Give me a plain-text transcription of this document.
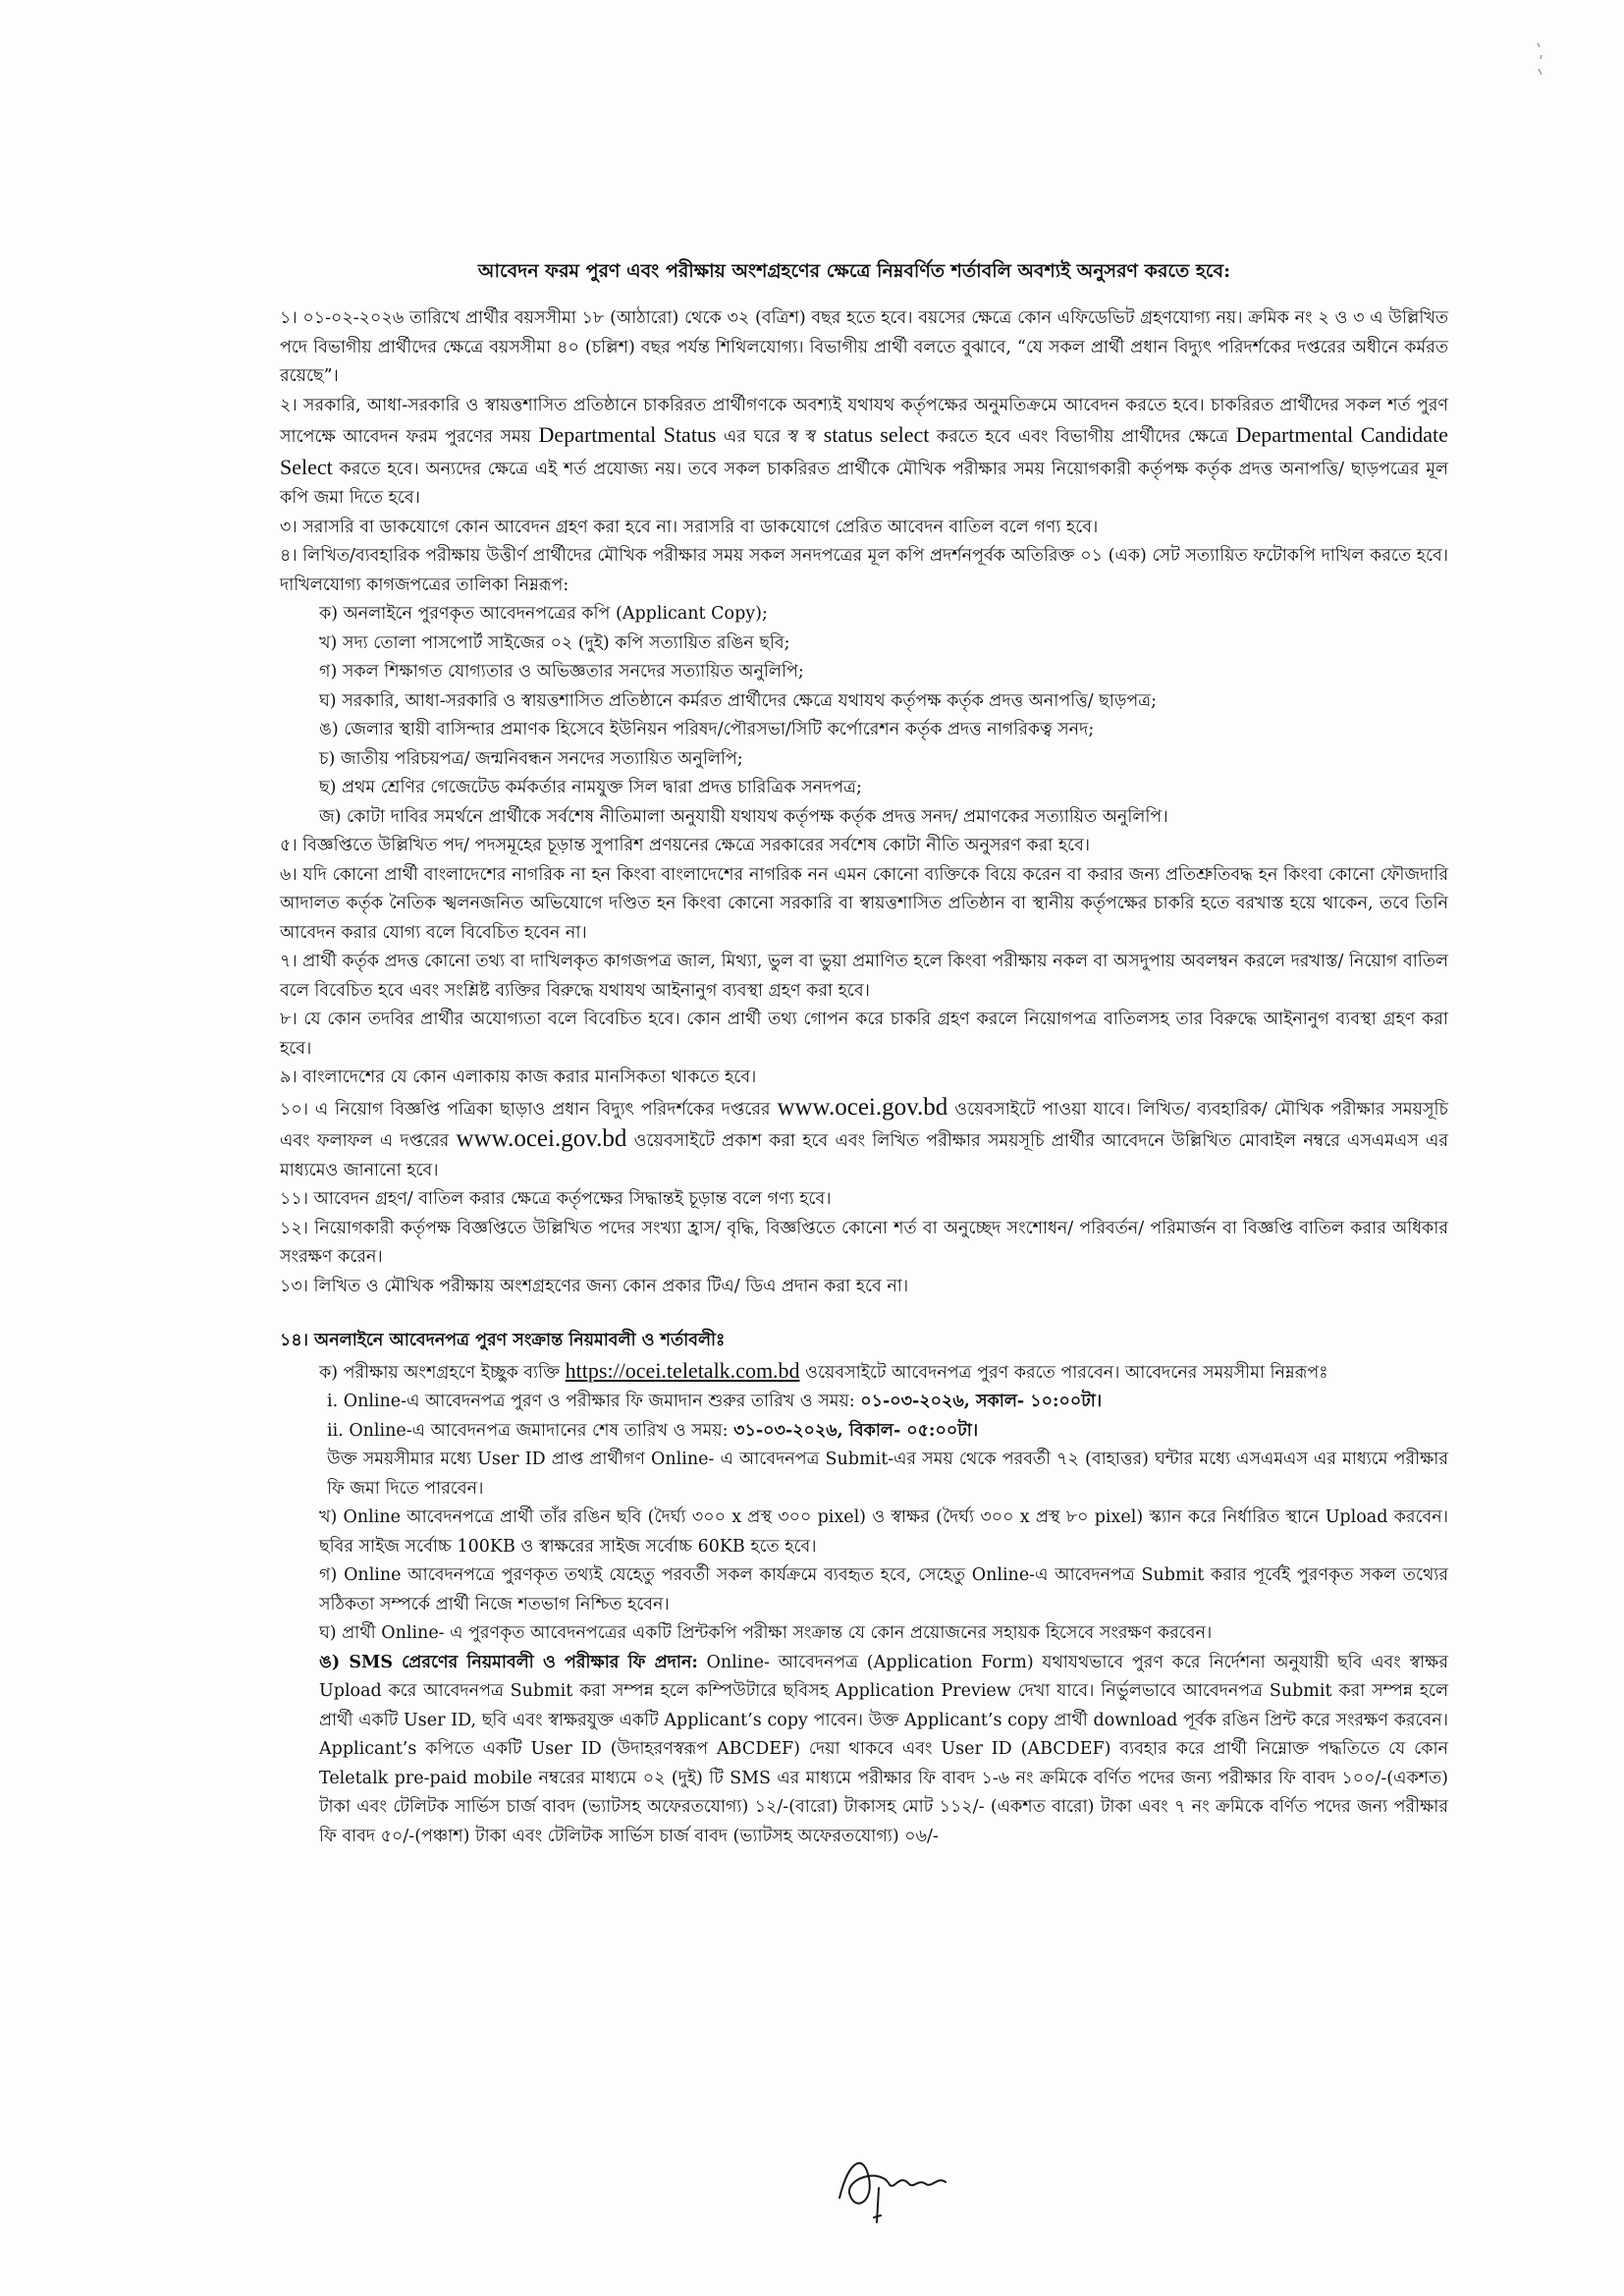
আবেদন ফরম পুরণ এবং পরীক্ষায় অংশগ্রহণের ক্ষেত্রে নিম্নবর্ণিত শর্তাবলি অবশ্যই অনুসরণ করতে হবে:

১। ০১-০২-২০২৬ তারিখে প্রার্থীর বয়সসীমা ১৮ (আঠারো) থেকে ৩২ (বত্রিশ) বছর হতে হবে। বয়সের ক্ষেত্রে কোন এফিডেভিট গ্রহণযোগ্য নয়। ক্রমিক নং ২ ও ৩ এ উল্লিখিত পদে বিভাগীয় প্রার্থীদের ক্ষেত্রে বয়সসীমা ৪০ (চল্লিশ) বছর পর্যন্ত শিথিলযোগ্য। বিভাগীয় প্রার্থী বলতে বুঝাবে, “যে সকল প্রার্থী প্রধান বিদ্যুৎ পরিদর্শকের দপ্তরের অধীনে কর্মরত রয়েছে”।

২। সরকারি, আধা-সরকারি ও স্বায়ত্তশাসিত প্রতিষ্ঠানে চাকরিরত প্রার্থীগণকে অবশ্যই যথাযথ কর্তৃপক্ষের অনুমতিক্রমে আবেদন করতে হবে। চাকরিরত প্রার্থীদের সকল শর্ত পুরণ সাপেক্ষে আবেদন ফরম পুরণের সময় Departmental Status এর ঘরে স্ব স্ব status select করতে হবে এবং বিভাগীয় প্রার্থীদের ক্ষেত্রে Departmental Candidate Select করতে হবে। অন্যদের ক্ষেত্রে এই শর্ত প্রযোজ্য নয়। তবে সকল চাকরিরত প্রার্থীকে মৌখিক পরীক্ষার সময় নিয়োগকারী কর্তৃপক্ষ কর্তৃক প্রদত্ত অনাপত্তি/ ছাড়পত্রের মূল কপি জমা দিতে হবে।

৩। সরাসরি বা ডাকযোগে কোন আবেদন গ্রহণ করা হবে না। সরাসরি বা ডাকযোগে প্রেরিত আবেদন বাতিল বলে গণ্য হবে।

৪। লিখিত/ব্যবহারিক পরীক্ষায় উত্তীর্ণ প্রার্থীদের মৌখিক পরীক্ষার সময় সকল সনদপত্রের মূল কপি প্রদর্শনপূর্বক অতিরিক্ত ০১ (এক) সেট সত্যায়িত ফটোকপি দাখিল করতে হবে। দাখিলযোগ্য কাগজপত্রের তালিকা নিম্নরূপ:

ক) অনলাইনে পুরণকৃত আবেদনপত্রের কপি (Applicant Copy);
খ) সদ্য তোলা পাসপোর্ট সাইজের ০২ (দুই) কপি সত্যায়িত রঙিন ছবি;
গ) সকল শিক্ষাগত যোগ্যতার ও অভিজ্ঞতার সনদের সত্যায়িত অনুলিপি;
ঘ) সরকারি, আধা-সরকারি ও স্বায়ত্তশাসিত প্রতিষ্ঠানে কর্মরত প্রার্থীদের ক্ষেত্রে যথাযথ কর্তৃপক্ষ কর্তৃক প্রদত্ত অনাপত্তি/ ছাড়পত্র;
ঙ) জেলার স্থায়ী বাসিন্দার প্রমাণক হিসেবে ইউনিয়ন পরিষদ/পৌরসভা/সিটি কর্পোরেশন কর্তৃক প্রদত্ত নাগরিকত্ব সনদ;
চ) জাতীয় পরিচয়পত্র/ জন্মনিবন্ধন সনদের সত্যায়িত অনুলিপি;
ছ) প্রথম শ্রেণির গেজেটেড কর্মকর্তার নামযুক্ত সিল দ্বারা প্রদত্ত চারিত্রিক সনদপত্র;
জ) কোটা দাবির সমর্থনে প্রার্থীকে সর্বশেষ নীতিমালা অনুযায়ী যথাযথ কর্তৃপক্ষ কর্তৃক প্রদত্ত সনদ/ প্রমাণকের সত্যায়িত অনুলিপি।

৫। বিজ্ঞপ্তিতে উল্লিখিত পদ/ পদসমূহের চূড়ান্ত সুপারিশ প্রণয়নের ক্ষেত্রে সরকারের সর্বশেষ কোটা নীতি অনুসরণ করা হবে।

৬। যদি কোনো প্রার্থী বাংলাদেশের নাগরিক না হন কিংবা বাংলাদেশের নাগরিক নন এমন কোনো ব্যক্তিকে বিয়ে করেন বা করার জন্য প্রতিশ্রুতিবদ্ধ হন কিংবা কোনো ফৌজদারি আদালত কর্তৃক নৈতিক স্খলনজনিত অভিযোগে দণ্ডিত হন কিংবা কোনো সরকারি বা স্বায়ত্তশাসিত প্রতিষ্ঠান বা স্থানীয় কর্তৃপক্ষের চাকরি হতে বরখাস্ত হয়ে থাকেন, তবে তিনি আবেদন করার যোগ্য বলে বিবেচিত হবেন না।

৭। প্রার্থী কর্তৃক প্রদত্ত কোনো তথ্য বা দাখিলকৃত কাগজপত্র জাল, মিথ্যা, ভুল বা ভুয়া প্রমাণিত হলে কিংবা পরীক্ষায় নকল বা অসদুপায় অবলম্বন করলে দরখাস্ত/ নিয়োগ বাতিল বলে বিবেচিত হবে এবং সংশ্লিষ্ট ব্যক্তির বিরুদ্ধে যথাযথ আইনানুগ ব্যবস্থা গ্রহণ করা হবে।

৮। যে কোন তদবির প্রার্থীর অযোগ্যতা বলে বিবেচিত হবে। কোন প্রার্থী তথ্য গোপন করে চাকরি গ্রহণ করলে নিয়োগপত্র বাতিলসহ তার বিরুদ্ধে আইনানুগ ব্যবস্থা গ্রহণ করা হবে।

৯। বাংলাদেশের যে কোন এলাকায় কাজ করার মানসিকতা থাকতে হবে।

১০। এ নিয়োগ বিজ্ঞপ্তি পত্রিকা ছাড়াও প্রধান বিদ্যুৎ পরিদর্শকের দপ্তরের www.ocei.gov.bd ওয়েবসাইটে পাওয়া যাবে। লিখিত/ ব্যবহারিক/ মৌখিক পরীক্ষার সময়সূচি এবং ফলাফল এ দপ্তরের www.ocei.gov.bd ওয়েবসাইটে প্রকাশ করা হবে এবং লিখিত পরীক্ষার সময়সূচি প্রার্থীর আবেদনে উল্লিখিত মোবাইল নম্বরে এসএমএস এর মাধ্যমেও জানানো হবে।

১১। আবেদন গ্রহণ/ বাতিল করার ক্ষেত্রে কর্তৃপক্ষের সিদ্ধান্তই চূড়ান্ত বলে গণ্য হবে।

১২। নিয়োগকারী কর্তৃপক্ষ বিজ্ঞপ্তিতে উল্লিখিত পদের সংখ্যা হ্রাস/ বৃদ্ধি, বিজ্ঞপ্তিতে কোনো শর্ত বা অনুচ্ছেদ সংশোধন/ পরিবর্তন/ পরিমার্জন বা বিজ্ঞপ্তি বাতিল করার অধিকার সংরক্ষণ করেন।

১৩। লিখিত ও মৌখিক পরীক্ষায় অংশগ্রহণের জন্য কোন প্রকার টিএ/ ডিএ প্রদান করা হবে না।

১৪। অনলাইনে আবেদনপত্র পুরণ সংক্রান্ত নিয়মাবলী ও শর্তাবলীঃ

ক) পরীক্ষায় অংশগ্রহণে ইচ্ছুক ব্যক্তি https://ocei.teletalk.com.bd ওয়েবসাইটে আবেদনপত্র পুরণ করতে পারবেন। আবেদনের সময়সীমা নিম্নরূপঃ

i. Online-এ আবেদনপত্র পুরণ ও পরীক্ষার ফি জমাদান শুরুর তারিখ ও সময়: ০১-০৩-২০২৬, সকাল- ১০:০০টা।

ii. Online-এ আবেদনপত্র জমাদানের শেষ তারিখ ও সময়: ৩১-০৩-২০২৬, বিকাল- ০৫:০০টা।

উক্ত সময়সীমার মধ্যে User ID প্রাপ্ত প্রার্থীগণ Online- এ আবেদনপত্র Submit-এর সময় থেকে পরবর্তী ৭২ (বাহাত্তর) ঘন্টার মধ্যে এসএমএস এর মাধ্যমে পরীক্ষার ফি জমা দিতে পারবেন।

খ) Online আবেদনপত্রে প্রার্থী তাঁর রঙিন ছবি (দৈর্ঘ্য ৩০০ x প্রস্থ ৩০০ pixel) ও স্বাক্ষর (দৈর্ঘ্য ৩০০ x প্রস্থ ৮০ pixel) স্ক্যান করে নির্ধারিত স্থানে Upload করবেন। ছবির সাইজ সর্বোচ্চ 100KB ও স্বাক্ষরের সাইজ সর্বোচ্চ 60KB হতে হবে।

গ) Online আবেদনপত্রে পুরণকৃত তথ্যই যেহেতু পরবর্তী সকল কার্যক্রমে ব্যবহৃত হবে, সেহেতু Online-এ আবেদনপত্র Submit করার পূর্বেই পুরণকৃত সকল তথ্যের সঠিকতা সম্পর্কে প্রার্থী নিজে শতভাগ নিশ্চিত হবেন।

ঘ) প্রার্থী Online- এ পুরণকৃত আবেদনপত্রের একটি প্রিন্টকপি পরীক্ষা সংক্রান্ত যে কোন প্রয়োজনের সহায়ক হিসেবে সংরক্ষণ করবেন।

ঙ) SMS প্রেরণের নিয়মাবলী ও পরীক্ষার ফি প্রদান: Online- আবেদনপত্র (Application Form) যথাযথভাবে পুরণ করে নির্দেশনা অনুযায়ী ছবি এবং স্বাক্ষর Upload করে আবেদনপত্র Submit করা সম্পন্ন হলে কম্পিউটারে ছবিসহ Application Preview দেখা যাবে। নির্ভুলভাবে আবেদনপত্র Submit করা সম্পন্ন হলে প্রার্থী একটি User ID, ছবি এবং স্বাক্ষরযুক্ত একটি Applicant’s copy পাবেন। উক্ত Applicant’s copy প্রার্থী download পূর্বক রঙিন প্রিন্ট করে সংরক্ষণ করবেন। Applicant’s কপিতে একটি User ID (উদাহরণস্বরূপ ABCDEF) দেয়া থাকবে এবং User ID (ABCDEF) ব্যবহার করে প্রার্থী নিম্নোক্ত পদ্ধতিতে যে কোন Teletalk pre-paid mobile নম্বরের মাধ্যমে ০২ (দুই) টি SMS এর মাধ্যমে পরীক্ষার ফি বাবদ ১-৬ নং ক্রমিকে বর্ণিত পদের জন্য পরীক্ষার ফি বাবদ ১০০/-(একশত) টাকা এবং টেলিটক সার্ভিস চার্জ বাবদ (ভ্যাটসহ অফেরতযোগ্য) ১২/-(বারো) টাকাসহ মোট ১১২/- (একশত বারো) টাকা এবং ৭ নং ক্রমিকে বর্ণিত পদের জন্য পরীক্ষার ফি বাবদ ৫০/-(পঞ্চাশ) টাকা এবং টেলিটক সার্ভিস চার্জ বাবদ (ভ্যাটসহ অফেরতযোগ্য) ০৬/-
